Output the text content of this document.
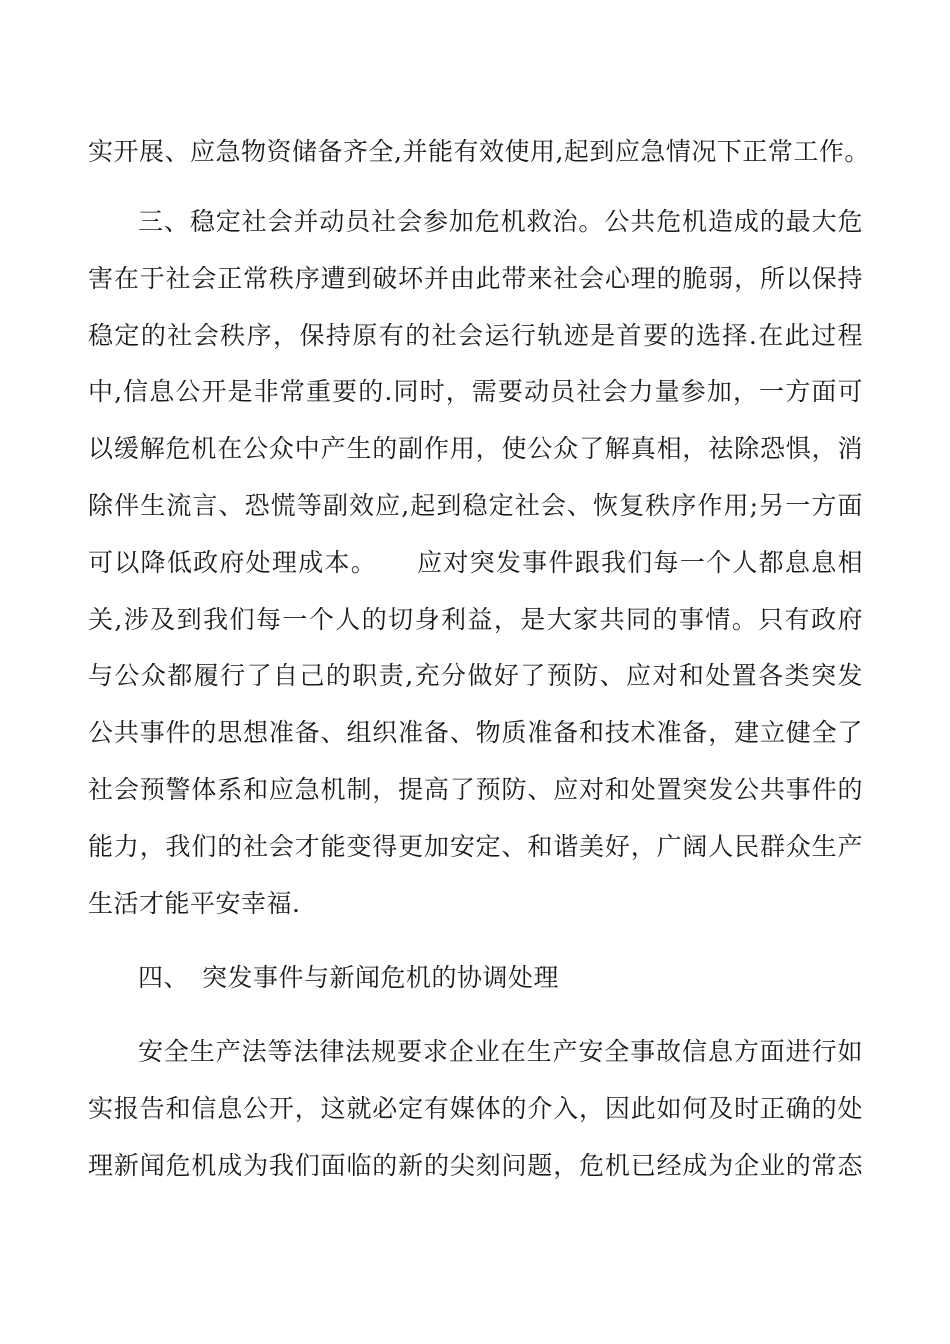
实开展、应急物资储备齐全,并能有效使用,起到应急情况下正常工作。

三、稳定社会并动员社会参加危机救治。公共危机造成的最大危

害在于社会正常秩序遭到破坏并由此带来社会心理的脆弱，所以保持

稳定的社会秩序，保持原有的社会运行轨迹是首要的选择.在此过程

中,信息公开是非常重要的.同时，需要动员社会力量参加，一方面可

以缓解危机在公众中产生的副作用，使公众了解真相，祛除恐惧，消

除伴生流言、恐慌等副效应,起到稳定社会、恢复秩序作用;另一方面

可以降低政府处理成本。　　应对突发事件跟我们每一个人都息息相

关,涉及到我们每一个人的切身利益，是大家共同的事情。只有政府

与公众都履行了自己的职责,充分做好了预防、应对和处置各类突发

公共事件的思想准备、组织准备、物质准备和技术准备，建立健全了

社会预警体系和应急机制，提高了预防、应对和处置突发公共事件的

能力，我们的社会才能变得更加安定、和谐美好，广阔人民群众生产

生活才能平安幸福.

四、　突发事件与新闻危机的协调处理

安全生产法等法律法规要求企业在生产安全事故信息方面进行如

实报告和信息公开，这就必定有媒体的介入，因此如何及时正确的处

理新闻危机成为我们面临的新的尖刻问题，危机已经成为企业的常态
